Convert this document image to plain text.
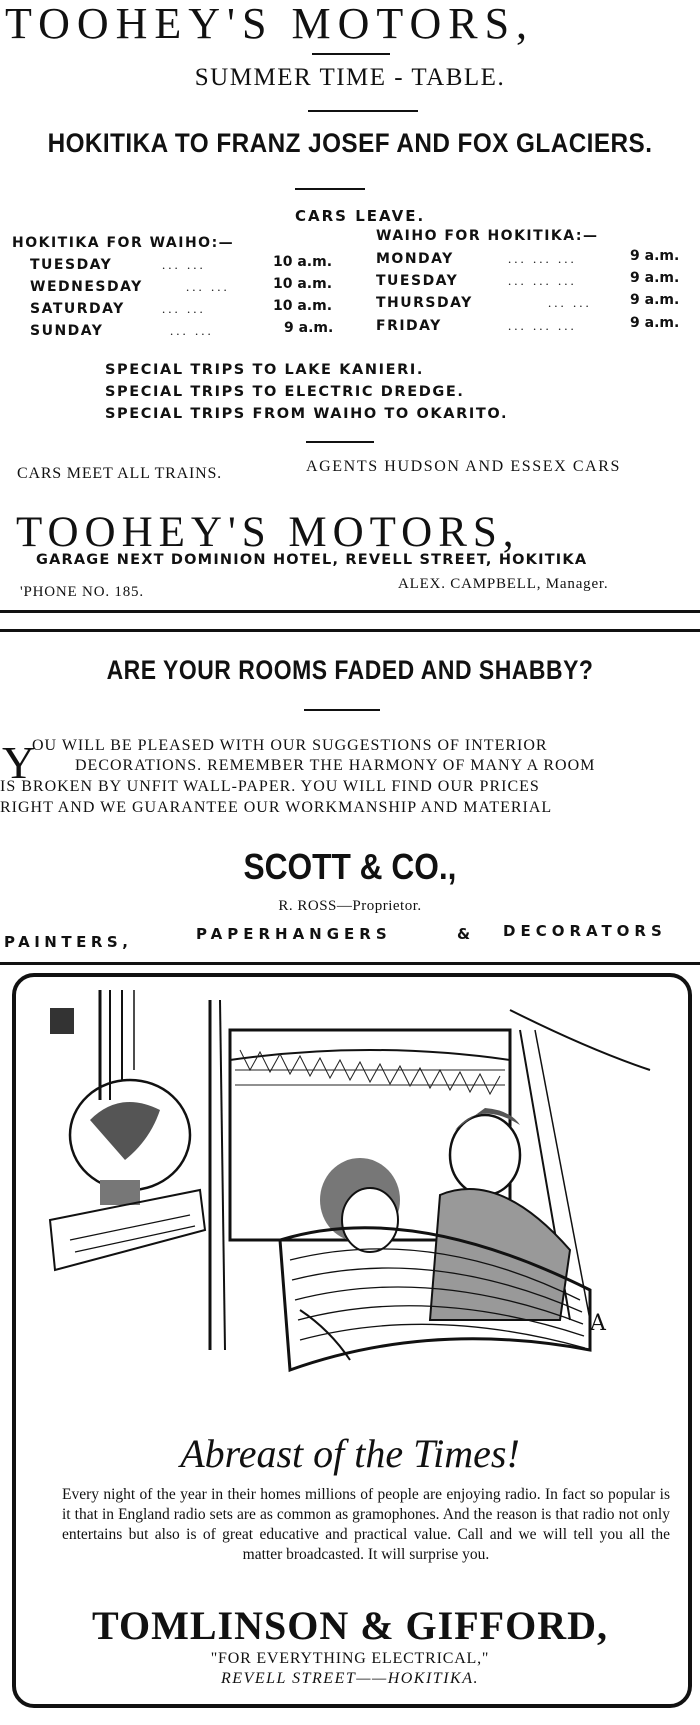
TOOHEY'S MOTORS,
SUMMER TIME - TABLE.
HOKITIKA TO FRANZ JOSEF AND FOX GLACIERS.
CARS LEAVE.
HOKITIKA FOR WAIHO:—	WAIHO FOR HOKITIKA:—
TUESDAY	... ...	10 a.m.
WEDNESDAY	... ...	10 a.m.
SATURDAY	... ...	10 a.m.
SUNDAY	... ...	9 a.m.
MONDAY	... ... ...	9 a.m.
TUESDAY	... ... ...	9 a.m.
THURSDAY	... ...	9 a.m.
FRIDAY	... ... ...	9 a.m.
SPECIAL TRIPS TO LAKE KANIERI.
SPECIAL TRIPS TO ELECTRIC DREDGE.
SPECIAL TRIPS FROM WAIHO TO OKARITO.
CARS MEET ALL TRAINS.	AGENTS HUDSON AND ESSEX CARS
TOOHEY'S MOTORS,
GARAGE NEXT DOMINION HOTEL, REVELL STREET, HOKITIKA
'PHONE NO. 185.	ALEX. CAMPBELL, Manager.
ARE YOUR ROOMS FADED AND SHABBY?
Y
OU WILL BE PLEASED WITH OUR SUGGESTIONS OF INTERIOR
DECORATIONS. REMEMBER THE HARMONY OF MANY A ROOM
IS BROKEN BY UNFIT WALL-PAPER. YOU WILL FIND OUR PRICES
RIGHT AND WE GUARANTEE OUR WORKMANSHIP AND MATERIAL
SCOTT & CO.,
R. ROSS—Proprietor.
PAINTERS,	PAPERHANGERS	& DECORATORS
A
Abreast of the Times!
Every night of the year in their homes millions of people are enjoying radio. In fact so popular is it that in England radio sets are as common as gramophones. And the reason is that radio not only entertains but also is of great educative and practical value. Call and we will tell you all the matter broadcasted. It will surprise you.
TOMLINSON & GIFFORD,
"FOR EVERYTHING ELECTRICAL,"
REVELL STREET——HOKITIKA.
